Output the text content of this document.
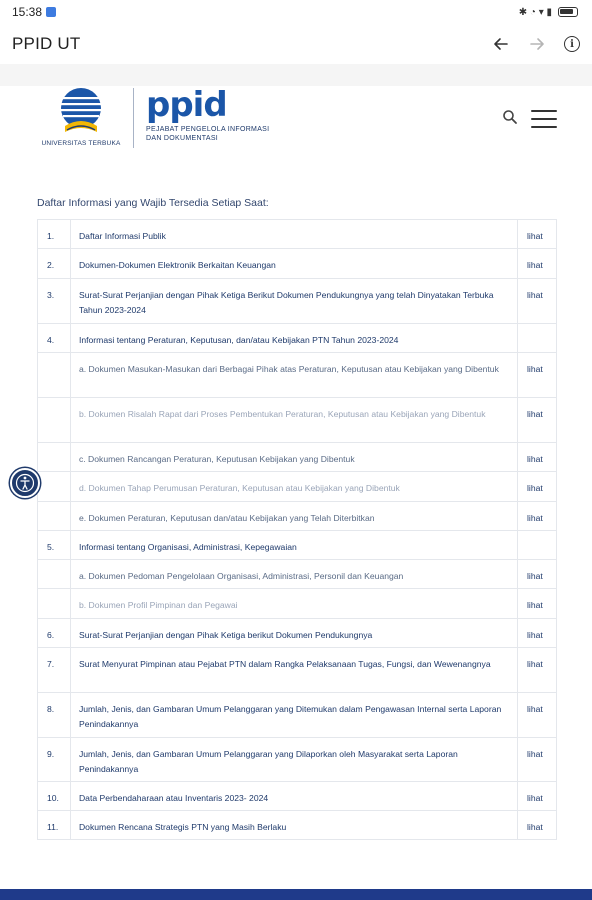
15:38	✱ ◔ ▾ ▮
PPID UT	i
UNIVERSITAS TERBUKA
ppid
PEJABAT PENGELOLA INFORMASI
DAN DOKUMENTASI
Daftar Informasi yang Wajib Tersedia Setiap Saat:
1.	Daftar Informasi Publik	lihat

2.	Dokumen-Dokumen Elektronik Berkaitan Keuangan	lihat

3.	Surat-Surat Perjanjian dengan Pihak Ketiga Berikut Dokumen Pendukungnya yang telah Dinyatakan Terbuka Tahun 2023-2024	lihat

4.	Informasi tentang Peraturan, Keputusan, dan/atau Kebijakan PTN Tahun 2023-2024	

	a. Dokumen Masukan-Masukan dari Berbagai Pihak atas Peraturan, Keputusan atau Kebijakan yang Dibentuk	lihat

	b. Dokumen Risalah Rapat dari Proses Pembentukan Peraturan, Keputusan atau Kebijakan yang Dibentuk	lihat

	c. Dokumen Rancangan Peraturan, Keputusan Kebijakan yang Dibentuk	lihat

	d. Dokumen Tahap Perumusan Peraturan, Keputusan atau Kebijakan yang Dibentuk	lihat

	e. Dokumen Peraturan, Keputusan dan/atau Kebijakan yang Telah Diterbitkan	lihat

5.	Informasi tentang Organisasi, Administrasi, Kepegawaian	

	a. Dokumen Pedoman Pengelolaan Organisasi, Administrasi, Personil dan Keuangan	lihat

	b. Dokumen Profil Pimpinan dan Pegawai	lihat

6.	Surat-Surat Perjanjian dengan Pihak Ketiga berikut Dokumen Pendukungnya	lihat

7.	Surat Menyurat Pimpinan atau Pejabat PTN dalam Rangka Pelaksanaan Tugas, Fungsi, dan Wewenangnya	lihat

8.	Jumlah, Jenis, dan Gambaran Umum Pelanggaran yang Ditemukan dalam Pengawasan Internal serta Laporan Penindakannya	lihat

9.	Jumlah, Jenis, dan Gambaran Umum Pelanggaran yang Dilaporkan oleh Masyarakat serta Laporan Penindakannya	lihat

10.	Data Perbendaharaan atau Inventaris 2023- 2024	lihat

11.	Dokumen Rencana Strategis PTN yang Masih Berlaku	lihat
